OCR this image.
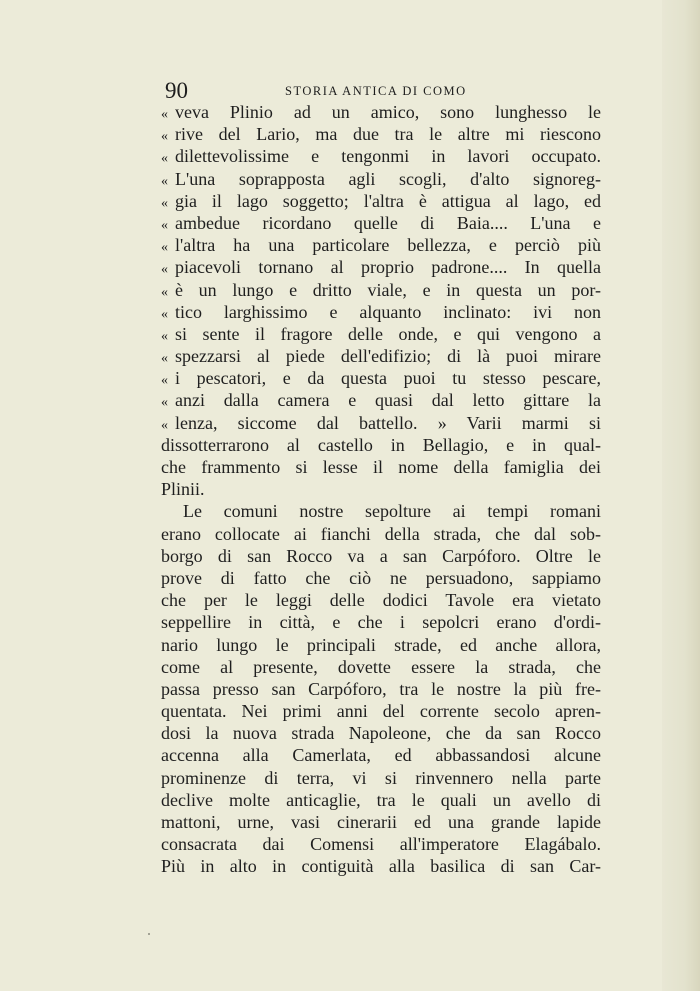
90	STORIA ANTICA DI COMO
« veva Plinio ad un amico, sono lunghesso le
« rive del Lario, ma due tra le altre mi riescono
« dilettevolissime e tengonmi in lavori occupato.
« L'una soprapposta agli scogli, d'alto signoreg-
« gia il lago soggetto; l'altra è attigua al lago, ed
« ambedue ricordano quelle di Baia.... L'una e
« l'altra ha una particolare bellezza, e perciò più
« piacevoli tornano al proprio padrone.... In quella
« è un lungo e dritto viale, e in questa un por-
« tico larghissimo e alquanto inclinato: ivi non
« si sente il fragore delle onde, e qui vengono a
« spezzarsi al piede dell'edifizio; di là puoi mirare
« i pescatori, e da questa puoi tu stesso pescare,
« anzi dalla camera e quasi dal letto gittare la
« lenza, siccome dal battello. » Varii marmi si
dissotterrarono al castello in Bellagio, e in qual-
che frammento si lesse il nome della famiglia dei
Plinii.
Le comuni nostre sepolture ai tempi romani
erano collocate ai fianchi della strada, che dal sob-
borgo di san Rocco va a san Carpóforo. Oltre le
prove di fatto che ciò ne persuadono, sappiamo
che per le leggi delle dodici Tavole era vietato
seppellire in città, e che i sepolcri erano d'ordi-
nario lungo le principali strade, ed anche allora,
come al presente, dovette essere la strada, che
passa presso san Carpóforo, tra le nostre la più fre-
quentata. Nei primi anni del corrente secolo apren-
dosi la nuova strada Napoleone, che da san Rocco
accenna alla Camerlata, ed abbassandosi alcune
prominenze di terra, vi si rinvennero nella parte
declive molte anticaglie, tra le quali un avello di
mattoni, urne, vasi cinerarii ed una grande lapide
consacrata dai Comensi all'imperatore Elagábalo.
Più in alto in contiguità alla basilica di san Car-
